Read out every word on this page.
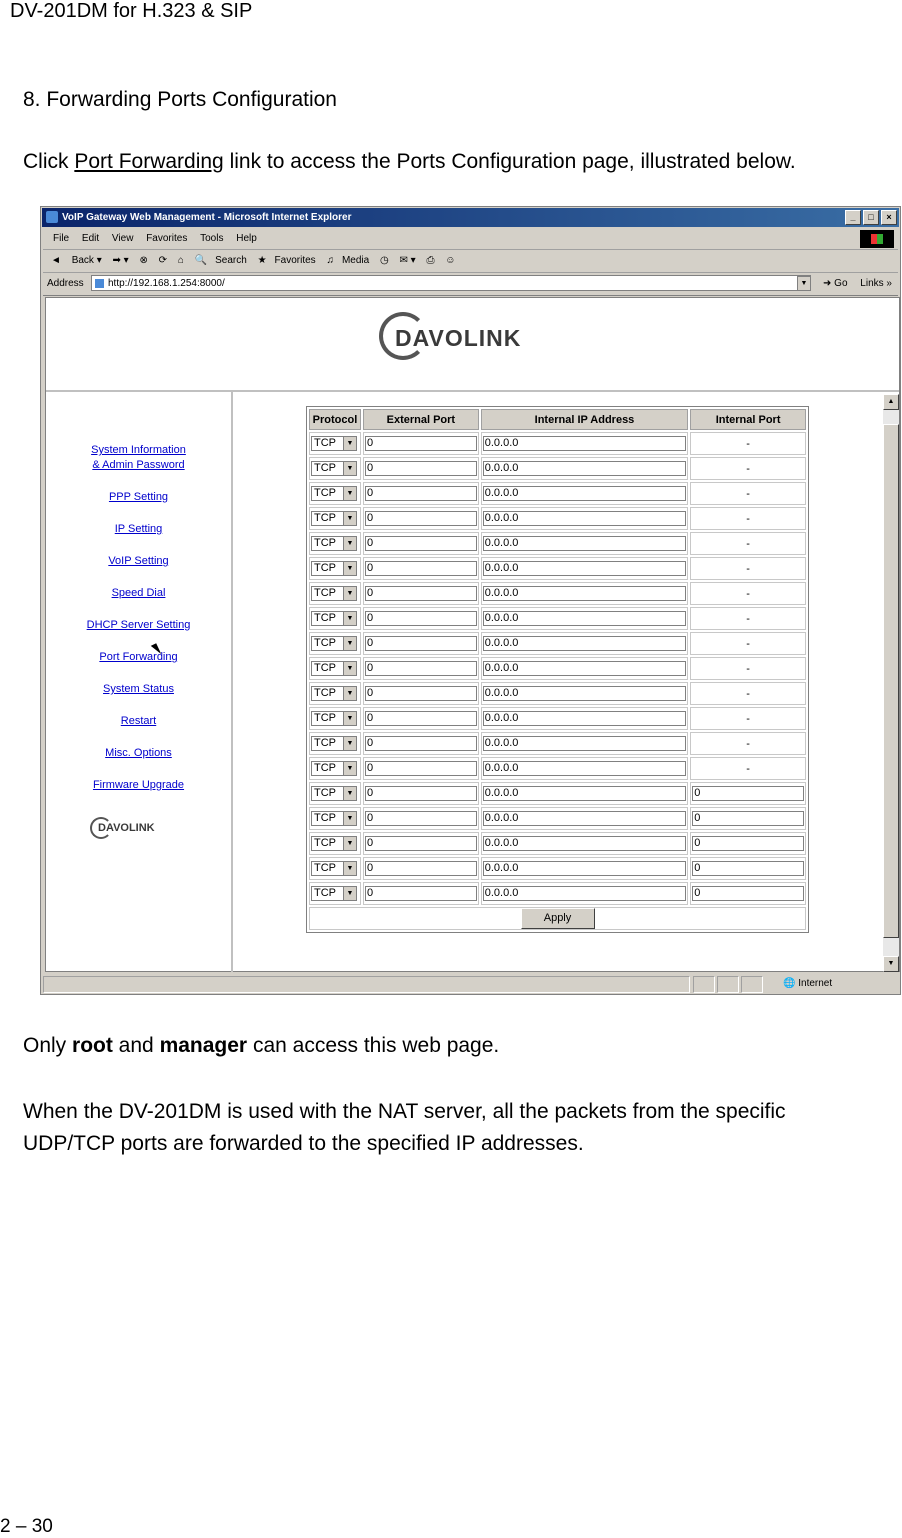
DV-201DM for H.323 & SIP
8. Forwarding Ports Configuration
Click Port Forwarding link to access the Ports Configuration page, illustrated below.
VoIP Gateway Web Management - Microsoft Internet Explorer	_	□	×
File Edit View Favorites Tools Help
◄ Back ▾ ➡ ▾ ⊗ ⟳ ⌂ 🔍 Search ★ Favorites ♫ Media ◷ ✉ ▾ ⎙ ☺
Address	http://192.168.1.254:8000/	▼	➜ Go Links »
DAVOLINK
System Information
& Admin Password
PPP Setting
IP Setting
VoIP Setting
Speed Dial
DHCP Server Setting
Port Forwarding
System Status
Restart
Misc. Options
Firmware Upgrade
DAVOLINK
Protocol	External Port	Internal IP Address	Internal Port
TCP ▼	0	0.0.0.0	-
TCP ▼	0	0.0.0.0	-
TCP ▼	0	0.0.0.0	-
TCP ▼	0	0.0.0.0	-
TCP ▼	0	0.0.0.0	-
TCP ▼	0	0.0.0.0	-
TCP ▼	0	0.0.0.0	-
TCP ▼	0	0.0.0.0	-
TCP ▼	0	0.0.0.0	-
TCP ▼	0	0.0.0.0	-
TCP ▼	0	0.0.0.0	-
TCP ▼	0	0.0.0.0	-
TCP ▼	0	0.0.0.0	-
TCP ▼	0	0.0.0.0	-
TCP ▼	0	0.0.0.0	0

TCP ▼	0	0.0.0.0	0

TCP ▼	0	0.0.0.0	0

TCP ▼	0	0.0.0.0	0

TCP ▼	0	0.0.0.0	0

Apply			
▲
▼
🌐 Internet
Only root and manager can access this web page.
When the DV-201DM is used with the NAT server, all the packets from the specific UDP/TCP ports are forwarded to the specified IP addresses.
2 – 30
